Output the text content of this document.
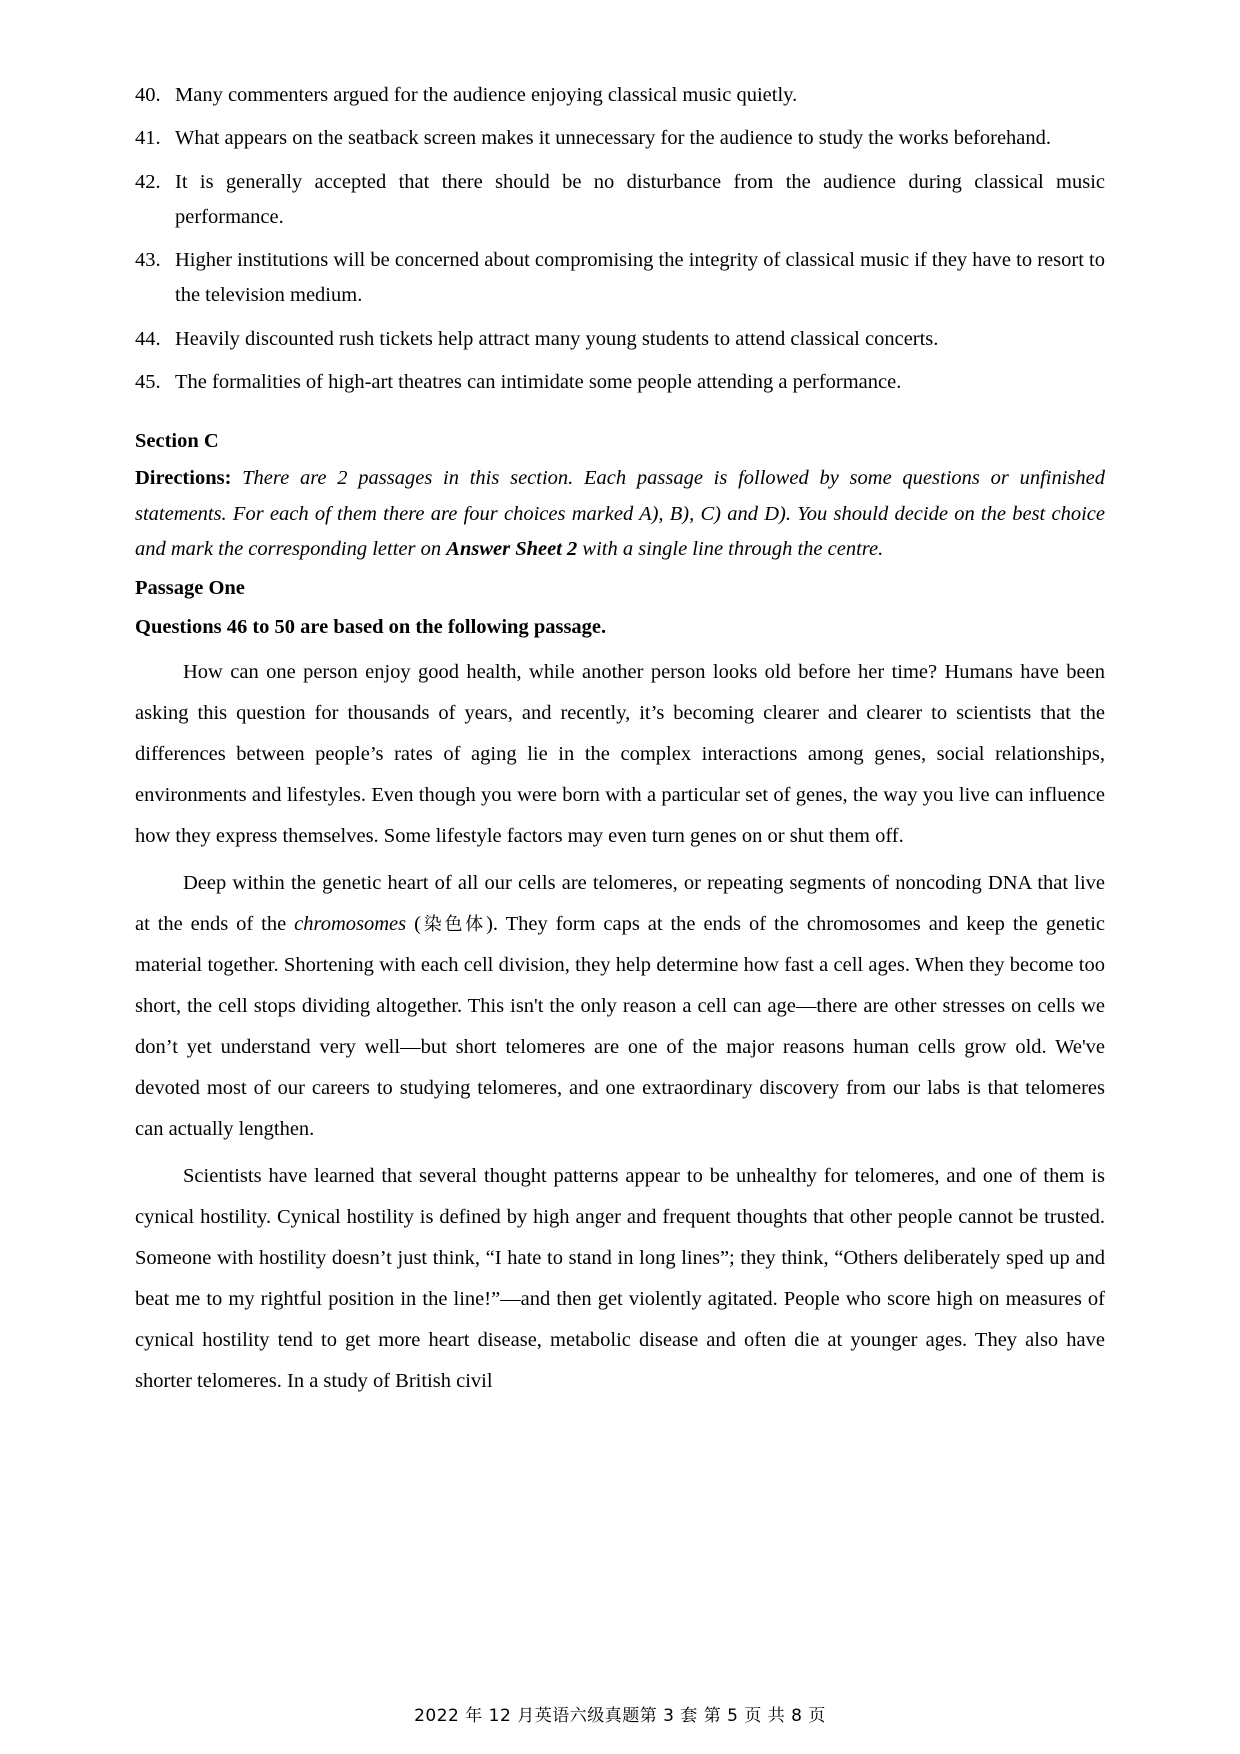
40. Many commenters argued for the audience enjoying classical music quietly.
41. What appears on the seatback screen makes it unnecessary for the audience to study the works beforehand.
42. It is generally accepted that there should be no disturbance from the audience during classical music performance.
43. Higher institutions will be concerned about compromising the integrity of classical music if they have to resort to the television medium.
44. Heavily discounted rush tickets help attract many young students to attend classical concerts.
45. The formalities of high-art theatres can intimidate some people attending a performance.
Section C

Directions: There are 2 passages in this section. Each passage is followed by some questions or unfinished statements. For each of them there are four choices marked A), B), C) and D). You should decide on the best choice and mark the corresponding letter on Answer Sheet 2 with a single line through the centre.

Passage One
Questions 46 to 50 are based on the following passage.

How can one person enjoy good health, while another person looks old before her time? Humans have been asking this question for thousands of years, and recently, it’s becoming clearer and clearer to scientists that the differences between people’s rates of aging lie in the complex interactions among genes, social relationships, environments and lifestyles. Even though you were born with a particular set of genes, the way you live can influence how they express themselves. Some lifestyle factors may even turn genes on or shut them off.

Deep within the genetic heart of all our cells are telomeres, or repeating segments of noncoding DNA that live at the ends of the chromosomes (染色体). They form caps at the ends of the chromosomes and keep the genetic material together. Shortening with each cell division, they help determine how fast a cell ages. When they become too short, the cell stops dividing altogether. This isn't the only reason a cell can age—there are other stresses on cells we don’t yet understand very well—but short telomeres are one of the major reasons human cells grow old. We've devoted most of our careers to studying telomeres, and one extraordinary discovery from our labs is that telomeres can actually lengthen.

Scientists have learned that several thought patterns appear to be unhealthy for telomeres, and one of them is cynical hostility. Cynical hostility is defined by high anger and frequent thoughts that other people cannot be trusted. Someone with hostility doesn’t just think, “I hate to stand in long lines”; they think, “Others deliberately sped up and beat me to my rightful position in the line!”—and then get violently agitated. People who score high on measures of cynical hostility tend to get more heart disease, metabolic disease and often die at younger ages. They also have shorter telomeres. In a study of British civil

2022 年 12 月英语六级真题第 3 套 第 5 页 共 8 页
